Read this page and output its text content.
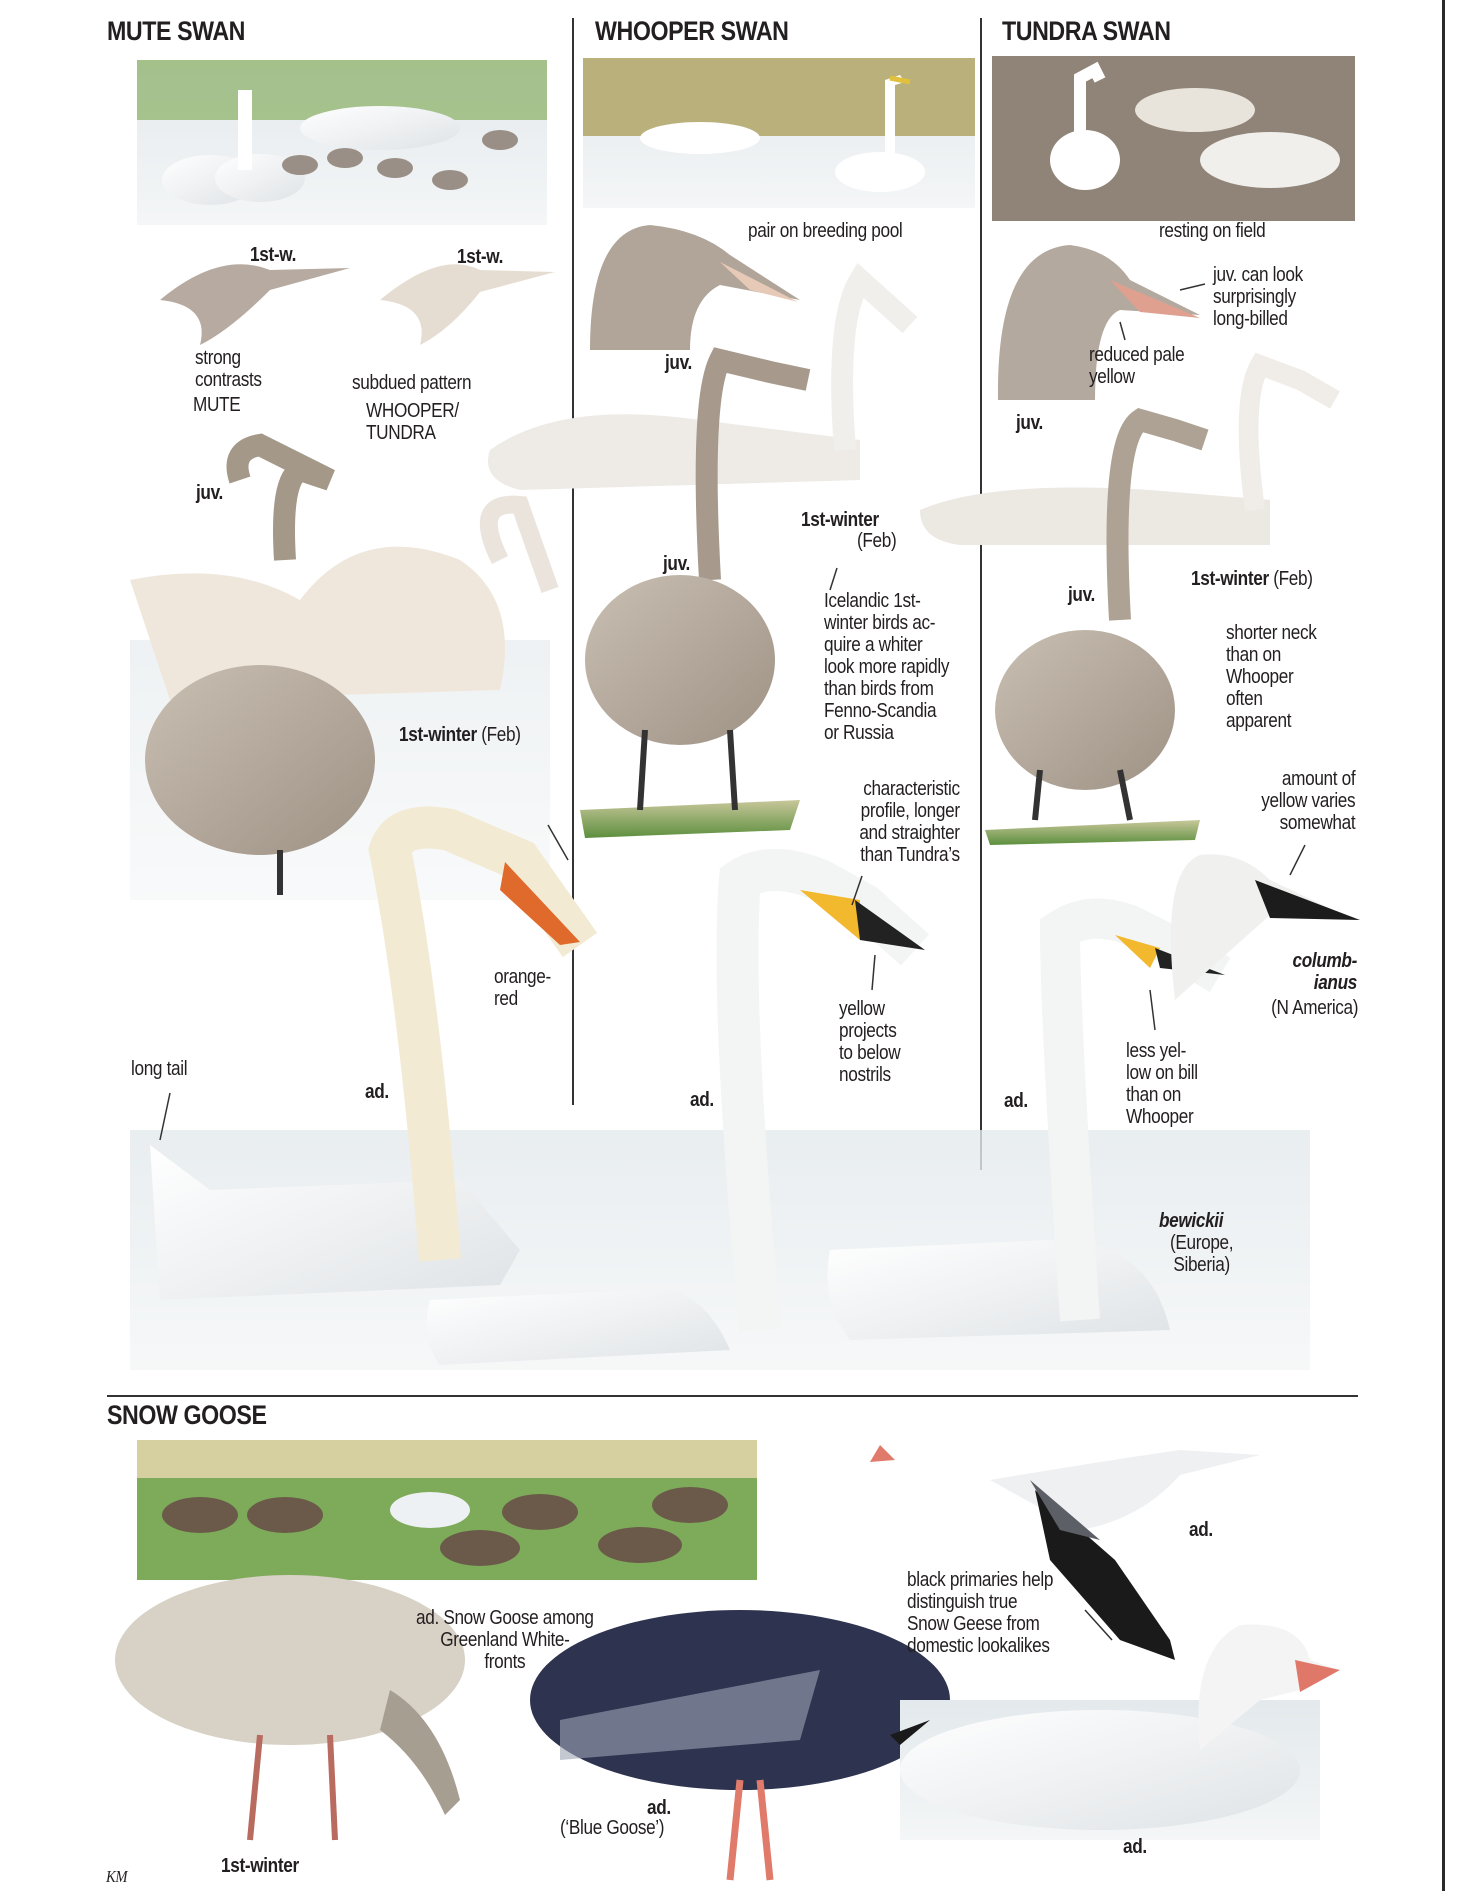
MUTE SWAN	WHOOPER SWAN	TUNDRA SWAN
SNOW GOOSE
1st-w.	1st-w.
strong
contrasts
MUTE
subdued pattern
WHOOPER/
TUNDRA
juv.
1st-winter (Feb)
orange-
red
long tail
ad.
pair on breeding pool
juv.
1st-winter
(Feb)
juv.
Icelandic 1st-
winter birds ac-
quire a whiter
look more rapidly
than birds from
Fenno-Scandia
or Russia
characteristic
profile, longer
and straighter
than Tundra’s
yellow
projects
to below
nostrils
ad.
resting on field
juv. can look
surprisingly
long-billed
reduced pale
yellow
juv.
1st-winter (Feb)
juv.
shorter neck
than on
Whooper
often
apparent
amount of
yellow varies
somewhat
columb-
ianus
(N America)
less yel-
low on bill
than on
Whooper
ad.
bewickii
(Europe,
Siberia)
ad. Snow Goose among
Greenland White-
fronts
black primaries help
distinguish true
Snow Geese from
domestic lookalikes
ad.
ad.
(‘Blue Goose’)
ad.
1st-winter
KM
